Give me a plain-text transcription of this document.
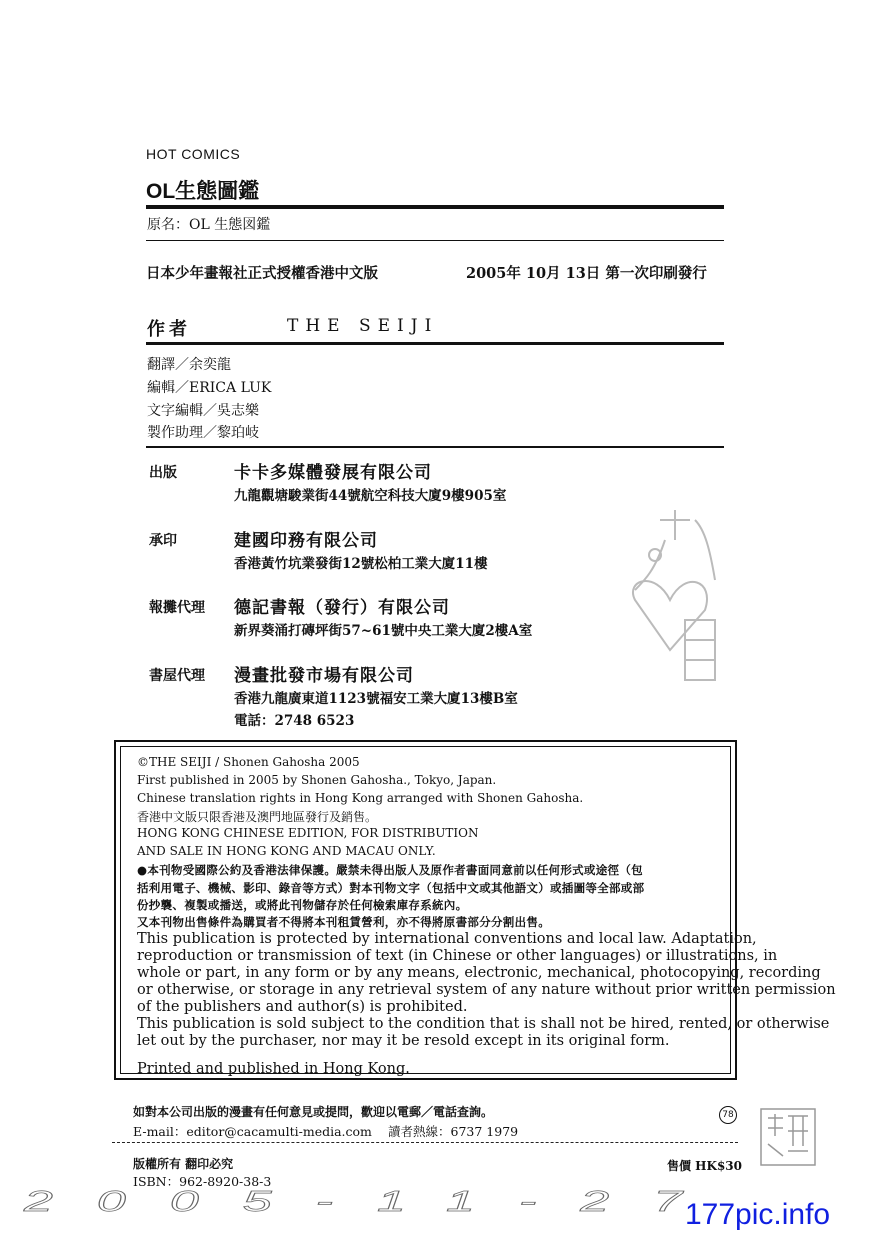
HOT COMICS
OL生態圖鑑
原名：OL 生態図鑑
日本少年畫報社正式授權香港中文版	2005年 10月 13日 第一次印刷發行
作者	THE SEIJI
翻譯／余奕龍
編輯／ERICA LUK
文字編輯／吳志樂
製作助理／黎珀岐
出版	卡卡多媒體發展有限公司
九龍觀塘駿業街44號航空科技大廈9樓905室
承印	建國印務有限公司
香港黃竹坑業發街12號松柏工業大廈11樓
報攤代理 德記書報（發行）有限公司
新界葵涌打磚坪街57~61號中央工業大廈2樓A室
書屋代理 漫畫批發市場有限公司
香港九龍廣東道1123號福安工業大廈13樓B室
電話：2748 6523
©THE SEIJI / Shonen Gahosha 2005
First published in 2005 by Shonen Gahosha., Tokyo, Japan.
Chinese translation rights in Hong Kong arranged with Shonen Gahosha.
香港中文版只限香港及澳門地區發行及銷售。
HONG KONG CHINESE EDITION, FOR DISTRIBUTION
AND SALE IN HONG KONG AND MACAU ONLY.
●本刊物受國際公約及香港法律保護。嚴禁未得出版人及原作者書面同意前以任何形式或途徑（包
括利用電子、機械、影印、錄音等方式）對本刊物文字（包括中文或其他語文）或插圖等全部或部
份抄襲、複製或播送，或將此刊物儲存於任何檢索庫存系統內。
又本刊物出售條件為購買者不得將本刊租賃營利，亦不得將原書部分分割出售。
This publication is protected by international conventions and local law. Adaptation,
reproduction or transmission of text (in Chinese or other languages) or illustrations, in
whole or part, in any form or by any means, electronic, mechanical, photocopying, recording
or otherwise, or storage in any retrieval system of any nature without prior written permission
of the publishers and author(s) is prohibited.
This publication is sold subject to the condition that is shall not be hired, rented, or otherwise
let out by the purchaser, nor may it be resold except in its original form.
Printed and published in Hong Kong.
如對本公司出版的漫畫有任何意見或提問，歡迎以電郵／電話查詢。
E-mail：editor@cacamulti-media.com 讀者熱線：6737 1979
78
版權所有 翻印必究
ISBN：962-8920-38-3
售價 HK$30
2005-11-27
177pic.info
